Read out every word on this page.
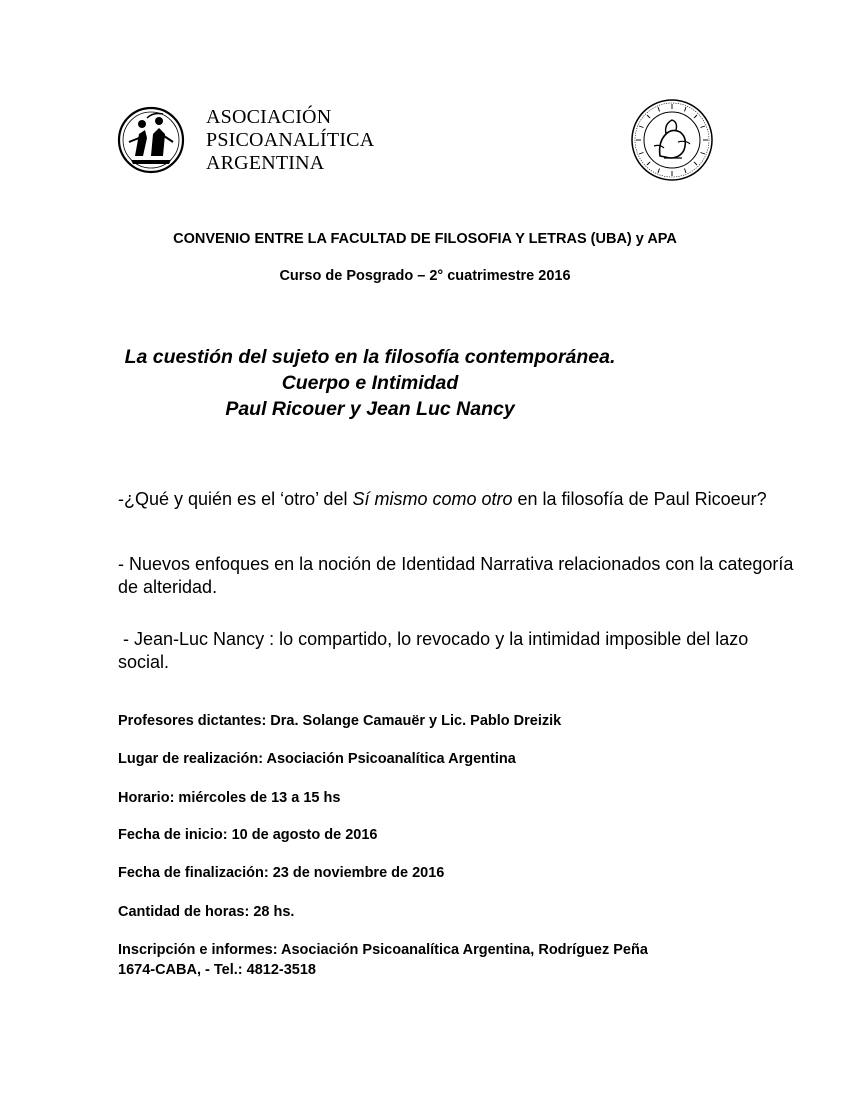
ASOCIACIÓN
PSICOANALÍTICA
ARGENTINA
CONVENIO ENTRE LA FACULTAD DE FILOSOFIA Y LETRAS (UBA) y APA
Curso de Posgrado – 2° cuatrimestre 2016
La cuestión del sujeto en la filosofía contemporánea.
Cuerpo e Intimidad
Paul Ricouer y Jean Luc Nancy
-¿Qué y quién es el ‘otro’ del Sí mismo como otro en la filosofía de Paul Ricoeur?
- Nuevos enfoques en la noción de Identidad Narrativa relacionados con la categoría de alteridad.
- Jean-Luc Nancy : lo compartido, lo revocado y la intimidad imposible del lazo social.
Profesores dictantes: Dra. Solange Camauër y Lic. Pablo Dreizik
Lugar de realización: Asociación Psicoanalítica Argentina
Horario: miércoles de 13 a 15 hs
Fecha de inicio: 10 de agosto de 2016
Fecha de finalización: 23 de noviembre de 2016
Cantidad de horas: 28 hs.
Inscripción e informes: Asociación Psicoanalítica Argentina, Rodríguez Peña
1674-CABA, - Tel.: 4812-3518
